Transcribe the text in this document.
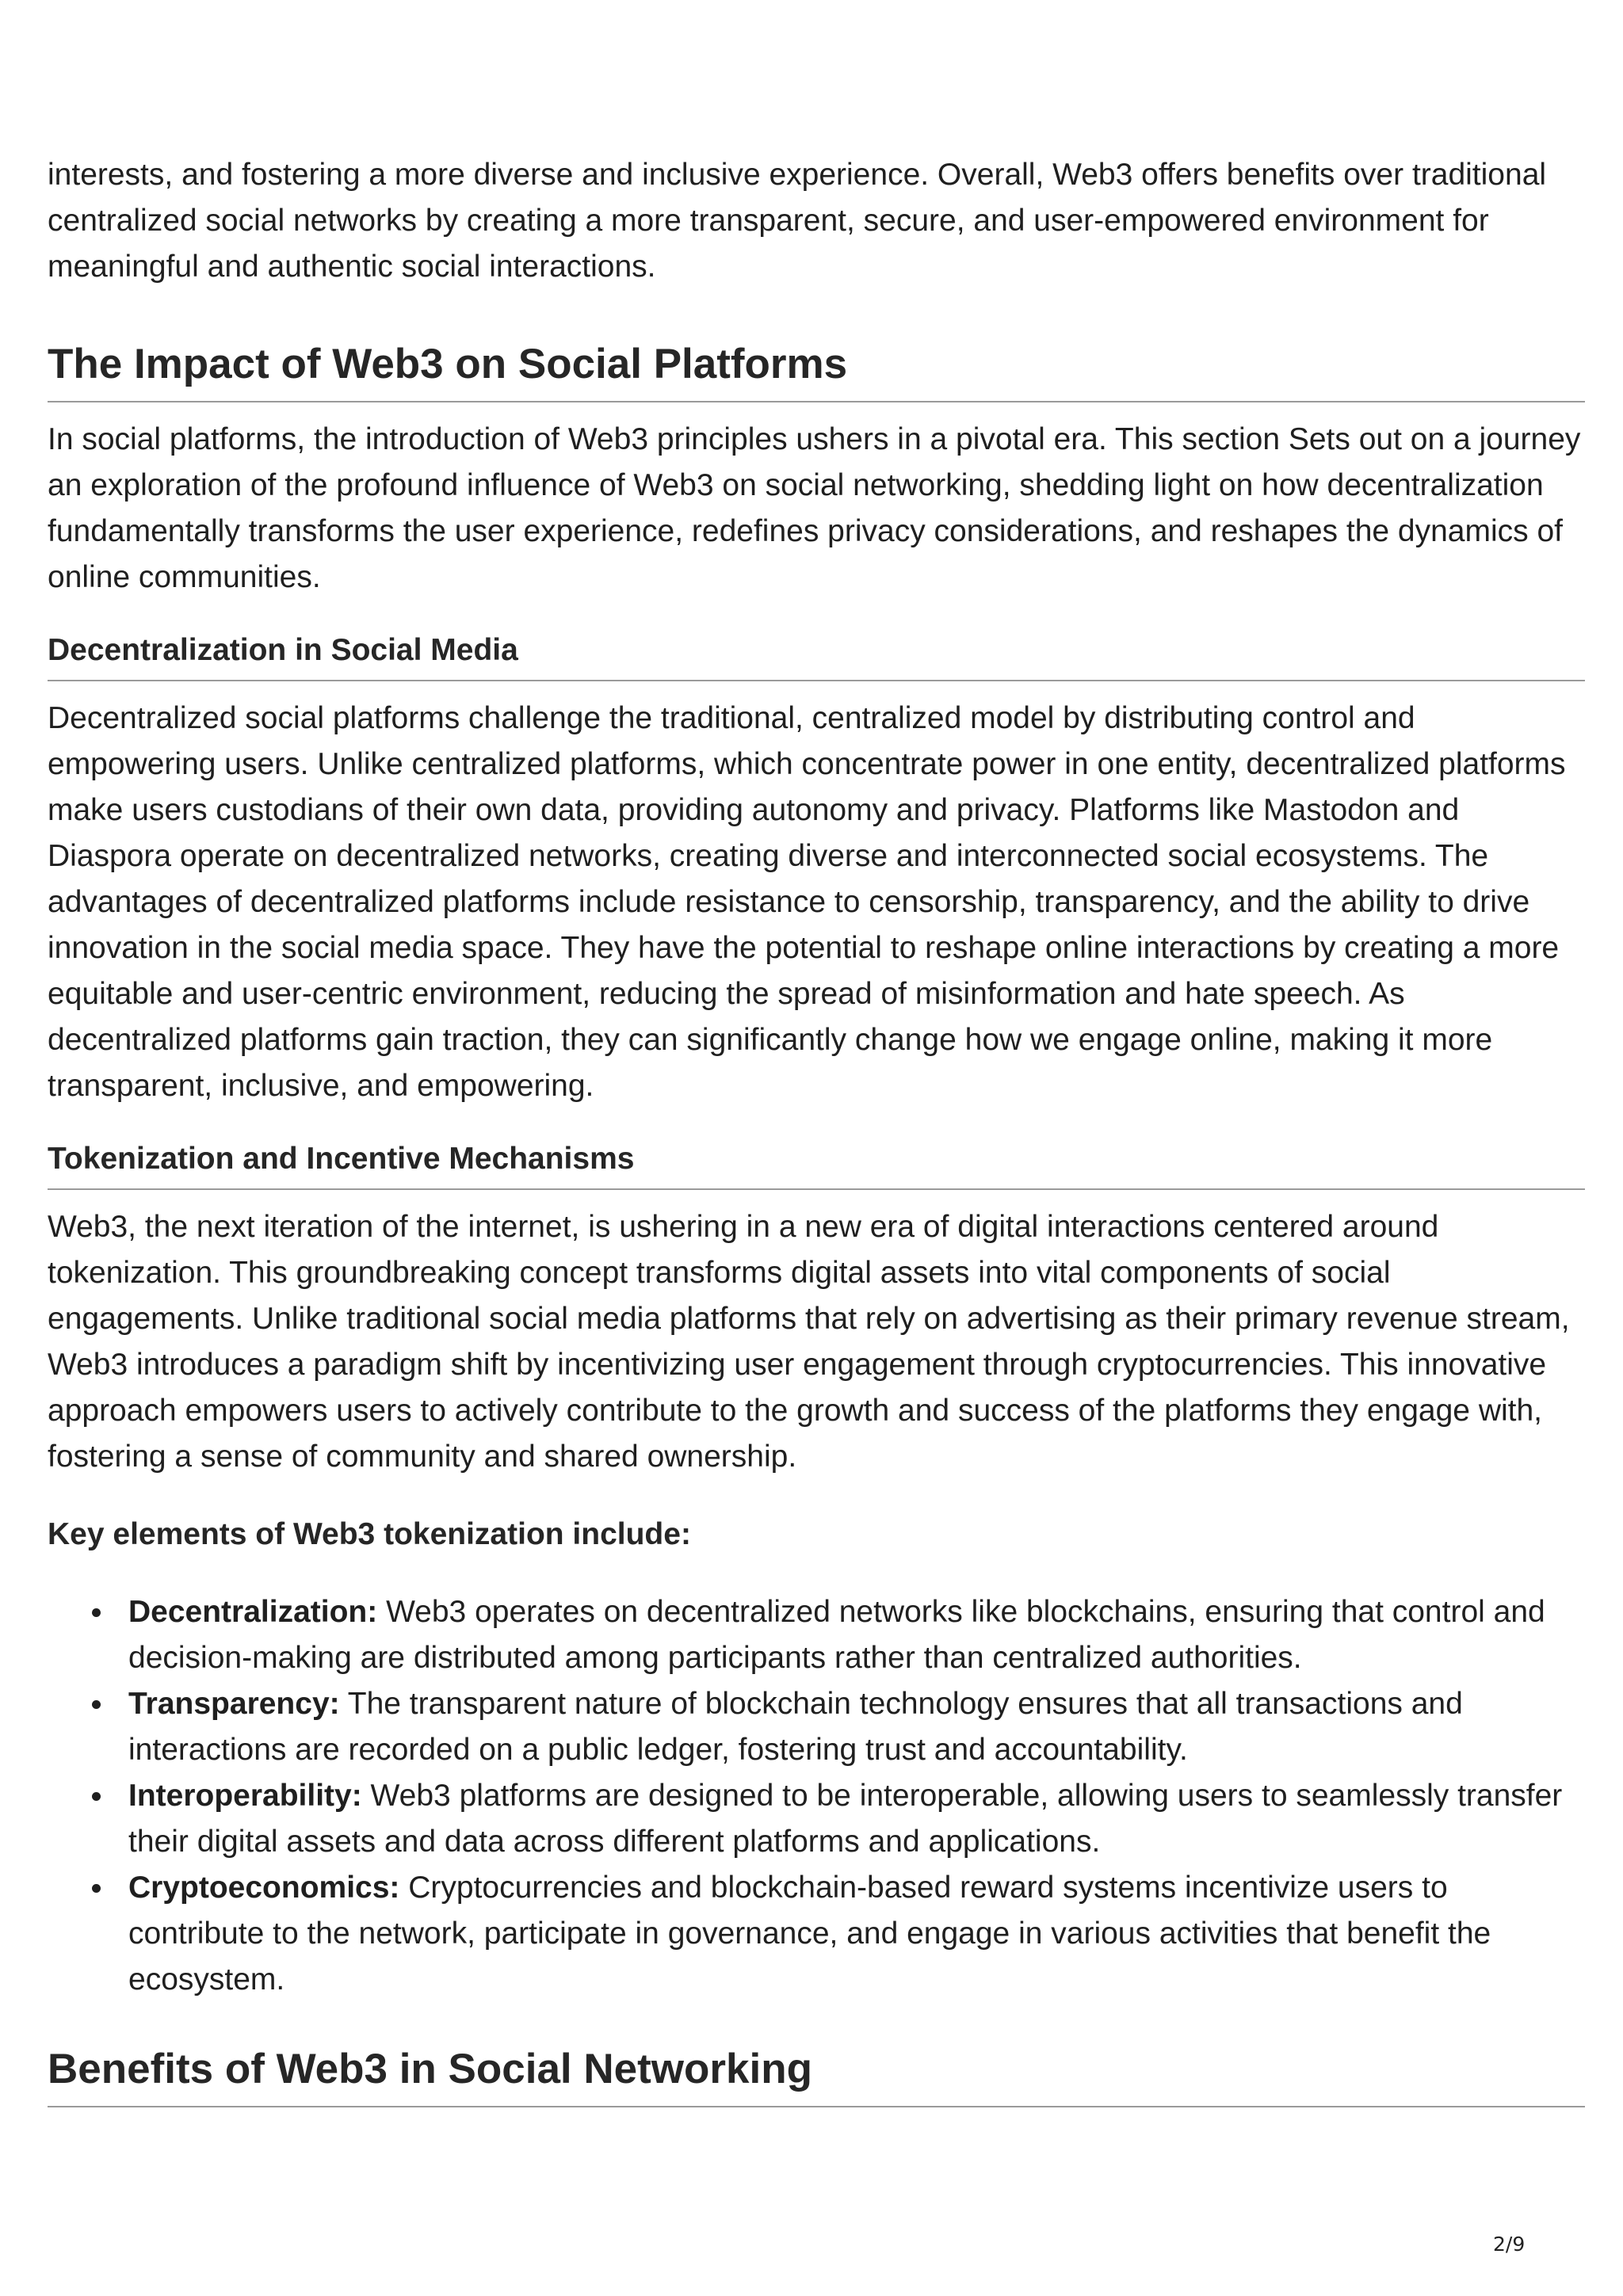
interests, and fostering a more diverse and inclusive experience. Overall, Web3 offers benefits over traditional centralized social networks by creating a more transparent, secure, and user-empowered environment for meaningful and authentic social interactions.

The Impact of Web3 on Social Platforms

In social platforms, the introduction of Web3 principles ushers in a pivotal era. This section Sets out on a journey an exploration of the profound influence of Web3 on social networking, shedding light on how decentralization fundamentally transforms the user experience, redefines privacy considerations, and reshapes the dynamics of online communities.

Decentralization in Social Media

Decentralized social platforms challenge the traditional, centralized model by distributing control and empowering users. Unlike centralized platforms, which concentrate power in one entity, decentralized platforms make users custodians of their own data, providing autonomy and privacy. Platforms like Mastodon and Diaspora operate on decentralized networks, creating diverse and interconnected social ecosystems. The advantages of decentralized platforms include resistance to censorship, transparency, and the ability to drive innovation in the social media space. They have the potential to reshape online interactions by creating a more equitable and user-centric environment, reducing the spread of misinformation and hate speech. As decentralized platforms gain traction, they can significantly change how we engage online, making it more transparent, inclusive, and empowering.

Tokenization and Incentive Mechanisms

Web3, the next iteration of the internet, is ushering in a new era of digital interactions centered around tokenization. This groundbreaking concept transforms digital assets into vital components of social engagements. Unlike traditional social media platforms that rely on advertising as their primary revenue stream, Web3 introduces a paradigm shift by incentivizing user engagement through cryptocurrencies. This innovative approach empowers users to actively contribute to the growth and success of the platforms they engage with, fostering a sense of community and shared ownership.

Key elements of Web3 tokenization include:

Decentralization: Web3 operates on decentralized networks like blockchains, ensuring that control and decision-making are distributed among participants rather than centralized authorities.
Transparency: The transparent nature of blockchain technology ensures that all transactions and interactions are recorded on a public ledger, fostering trust and accountability.
Interoperability: Web3 platforms are designed to be interoperable, allowing users to seamlessly transfer their digital assets and data across different platforms and applications.
Cryptoeconomics: Cryptocurrencies and blockchain-based reward systems incentivize users to contribute to the network, participate in governance, and engage in various activities that benefit the ecosystem.
Benefits of Web3 in Social Networking
2/9
